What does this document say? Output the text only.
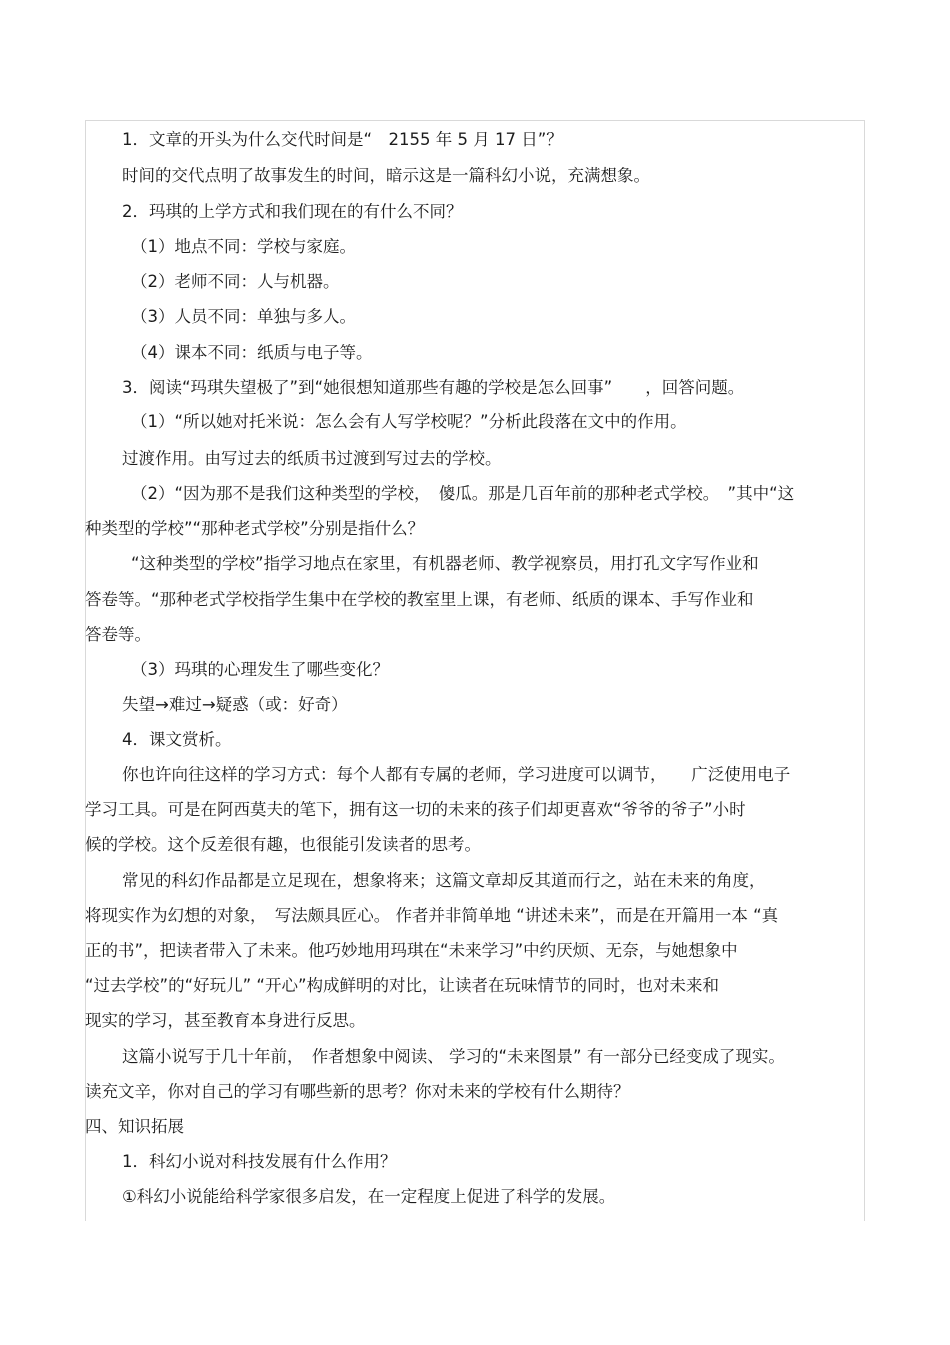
1．文章的开头为什么交代时间是“　2155 年 5 月 17 日”？

时间的交代点明了故事发生的时间，暗示这是一篇科幻小说，充满想象。

2．玛琪的上学方式和我们现在的有什么不同？

（1）地点不同：学校与家庭。

（2）老师不同：人与机器。

（3）人员不同：单独与多人。

（4）课本不同：纸质与电子等。

3．阅读“玛琪失望极了”到“她很想知道那些有趣的学校是怎么回事”　　，回答问题。

（1）“所以她对托米说：怎么会有人写学校呢？”分析此段落在文中的作用。

过渡作用。由写过去的纸质书过渡到写过去的学校。

（2）“因为那不是我们这种类型的学校，　傻瓜。那是几百年前的那种老式学校。　”其中“这

种类型的学校”“那种老式学校”分别是指什么？

“这种类型的学校”指学习地点在家里，有机器老师、教学视察员，用打孔文字写作业和

答卷等。“那种老式学校指学生集中在学校的教室里上课，有老师、纸质的课本、手写作业和

答卷等。

（3）玛琪的心理发生了哪些变化？

失望→难过→疑惑（或：好奇）

4．课文赏析。

你也许向往这样的学习方式：每个人都有专属的老师，学习进度可以调节，　　广泛使用电子

学习工具。可是在阿西莫夫的笔下，拥有这一切的未来的孩子们却更喜欢“爷爷的爷子”小时

候的学校。这个反差很有趣，也很能引发读者的思考。

常见的科幻作品都是立足现在，想象将来；这篇文章却反其道而行之，站在未来的角度，

将现实作为幻想的对象，　写法颇具匠心。 作者并非简单地 “讲述未来”，而是在开篇用一本 “真

正的书”，把读者带入了未来。他巧妙地用玛琪在“未来学习”中约厌烦、无奈，与她想象中

“过去学校”的“好玩儿” “开心”构成鲜明的对比，让读者在玩味情节的同时，也对未来和

现实的学习，甚至教育本身进行反思。

这篇小说写于几十年前，　作者想象中阅读、 学习的“未来图景” 有一部分已经变成了现实。

读充文辛，你对自己的学习有哪些新的思考？你对未来的学校有什么期待？

四、知识拓展

1．科幻小说对科技发展有什么作用？

①科幻小说能给科学家很多启发，在一定程度上促进了科学的发展。
